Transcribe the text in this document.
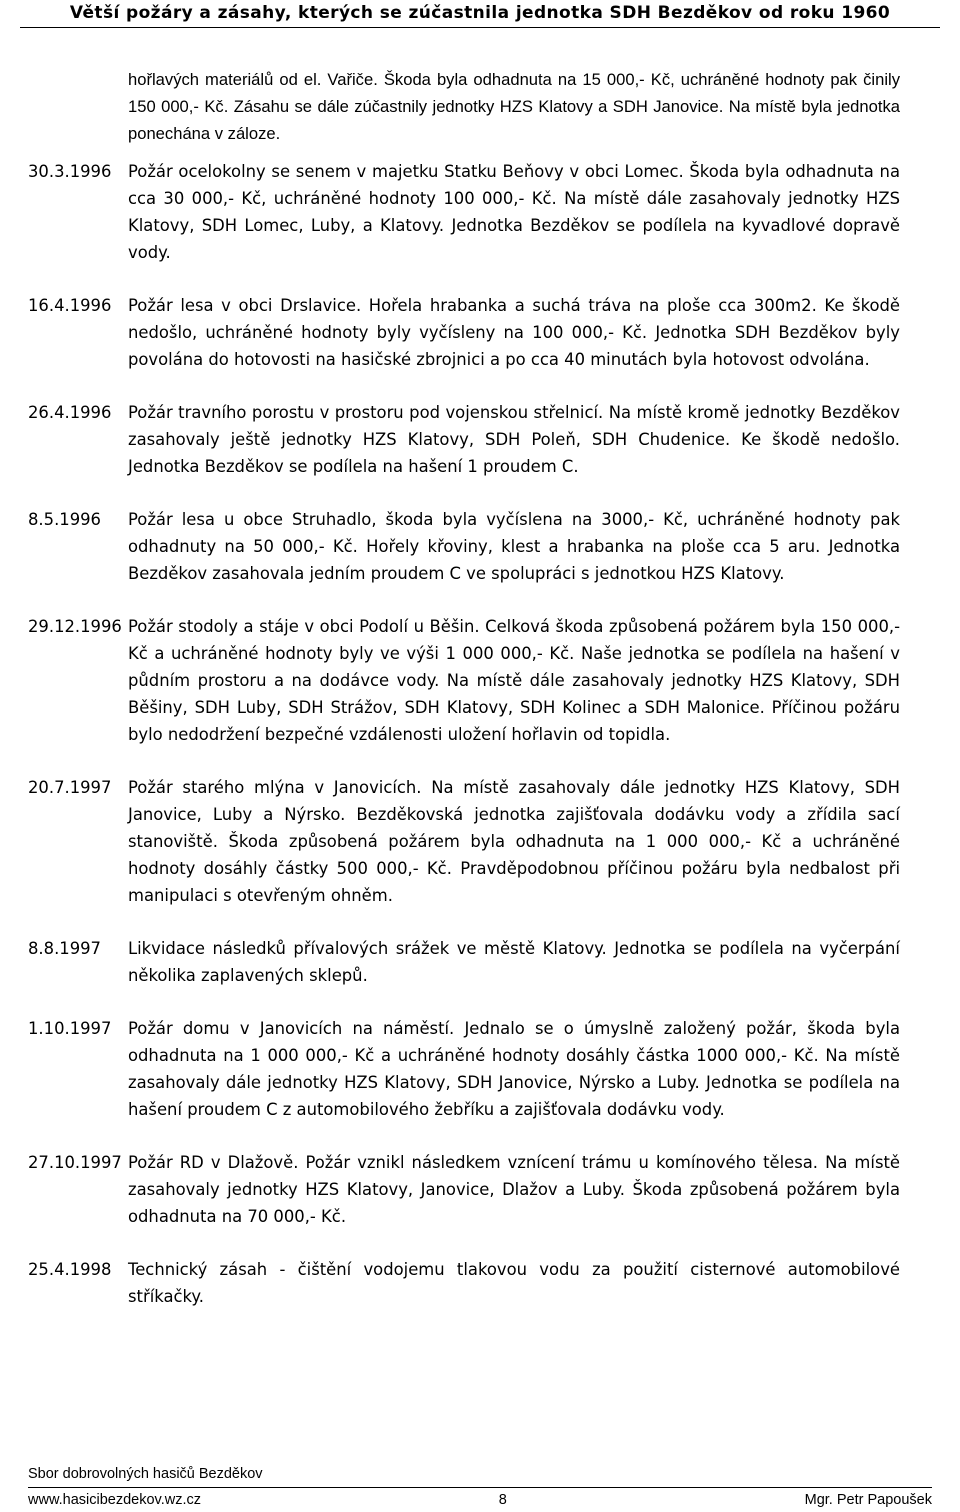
Větší požáry a zásahy, kterých se zúčastnila jednotka SDH Bezděkov od roku 1960
hořlavých materiálů od el. Vařiče. Škoda byla odhadnuta na 15 000,- Kč, uchráněné hodnoty pak činily 150 000,- Kč. Zásahu se dále zúčastnily jednotky HZS Klatovy a SDH Janovice. Na místě byla jednotka ponechána v záloze.
30.3.1996	Požár ocelokolny se senem v majetku Statku Beňovy v obci Lomec. Škoda byla odhadnuta na cca 30 000,- Kč, uchráněné hodnoty 100 000,- Kč. Na místě dále zasahovaly jednotky HZS Klatovy, SDH Lomec, Luby, a Klatovy. Jednotka Bezděkov se podílela na kyvadlové dopravě vody.
16.4.1996	Požár lesa v obci Drslavice. Hořela hrabanka a suchá tráva na ploše cca 300m2. Ke škodě nedošlo, uchráněné hodnoty byly vyčísleny na 100 000,- Kč. Jednotka SDH Bezděkov byly povolána do hotovosti na hasičské zbrojnici a po cca 40 minutách byla hotovost odvolána.
26.4.1996	Požár travního porostu v prostoru pod vojenskou střelnicí. Na místě kromě jednotky Bezděkov zasahovaly ještě jednotky HZS Klatovy, SDH Poleň, SDH Chudenice. Ke škodě nedošlo. Jednotka Bezděkov se podílela na hašení 1 proudem C.
8.5.1996	Požár lesa u obce Struhadlo, škoda byla vyčíslena na 3000,- Kč, uchráněné hodnoty pak odhadnuty na 50 000,- Kč. Hořely křoviny, klest a hrabanka na ploše cca 5 aru. Jednotka Bezděkov zasahovala jedním proudem C ve spolupráci s jednotkou HZS Klatovy.
29.12.1996 Požár stodoly a stáje v obci Podolí u Běšin. Celková škoda způsobená požárem byla 150 000,- Kč a uchráněné hodnoty byly ve výši 1 000 000,- Kč. Naše jednotka se podílela na hašení v půdním prostoru a na dodávce vody. Na místě dále zasahovaly jednotky HZS Klatovy, SDH Běšiny, SDH Luby, SDH Strážov, SDH Klatovy, SDH Kolinec a SDH Malonice. Příčinou požáru bylo nedodržení bezpečné vzdálenosti uložení hořlavin od topidla.
20.7.1997	Požár starého mlýna v Janovicích. Na místě zasahovaly dále jednotky HZS Klatovy, SDH Janovice, Luby a Nýrsko. Bezděkovská jednotka zajišťovala dodávku vody a zřídila sací stanoviště. Škoda způsobená požárem byla odhadnuta na 1 000 000,- Kč a uchráněné hodnoty dosáhly částky 500 000,- Kč. Pravděpodobnou příčinou požáru byla nedbalost při manipulaci s otevřeným ohněm.
8.8.1997	Likvidace následků přívalových srážek ve městě Klatovy. Jednotka se podílela na vyčerpání několika zaplavených sklepů.
1.10.1997	Požár domu v Janovicích na náměstí. Jednalo se o úmyslně založený požár, škoda byla odhadnuta na 1 000 000,- Kč a uchráněné hodnoty dosáhly částka 1000 000,- Kč. Na místě zasahovaly dále jednotky HZS Klatovy, SDH Janovice, Nýrsko a Luby. Jednotka se podílela na hašení proudem C z automobilového žebříku a zajišťovala dodávku vody.
27.10.1997 Požár RD v Dlažově. Požár vznikl následkem vznícení trámu u komínového tělesa. Na místě zasahovaly jednotky HZS Klatovy, Janovice, Dlažov a Luby. Škoda způsobená požárem byla odhadnuta na 70 000,- Kč.
25.4.1998	Technický zásah - čištění vodojemu tlakovou vodu za použití cisternové automobilové stříkačky.
Sbor dobrovolných hasičů Bezděkov
www.hasicibezdekov.wz.cz	8	Mgr. Petr Papoušek
